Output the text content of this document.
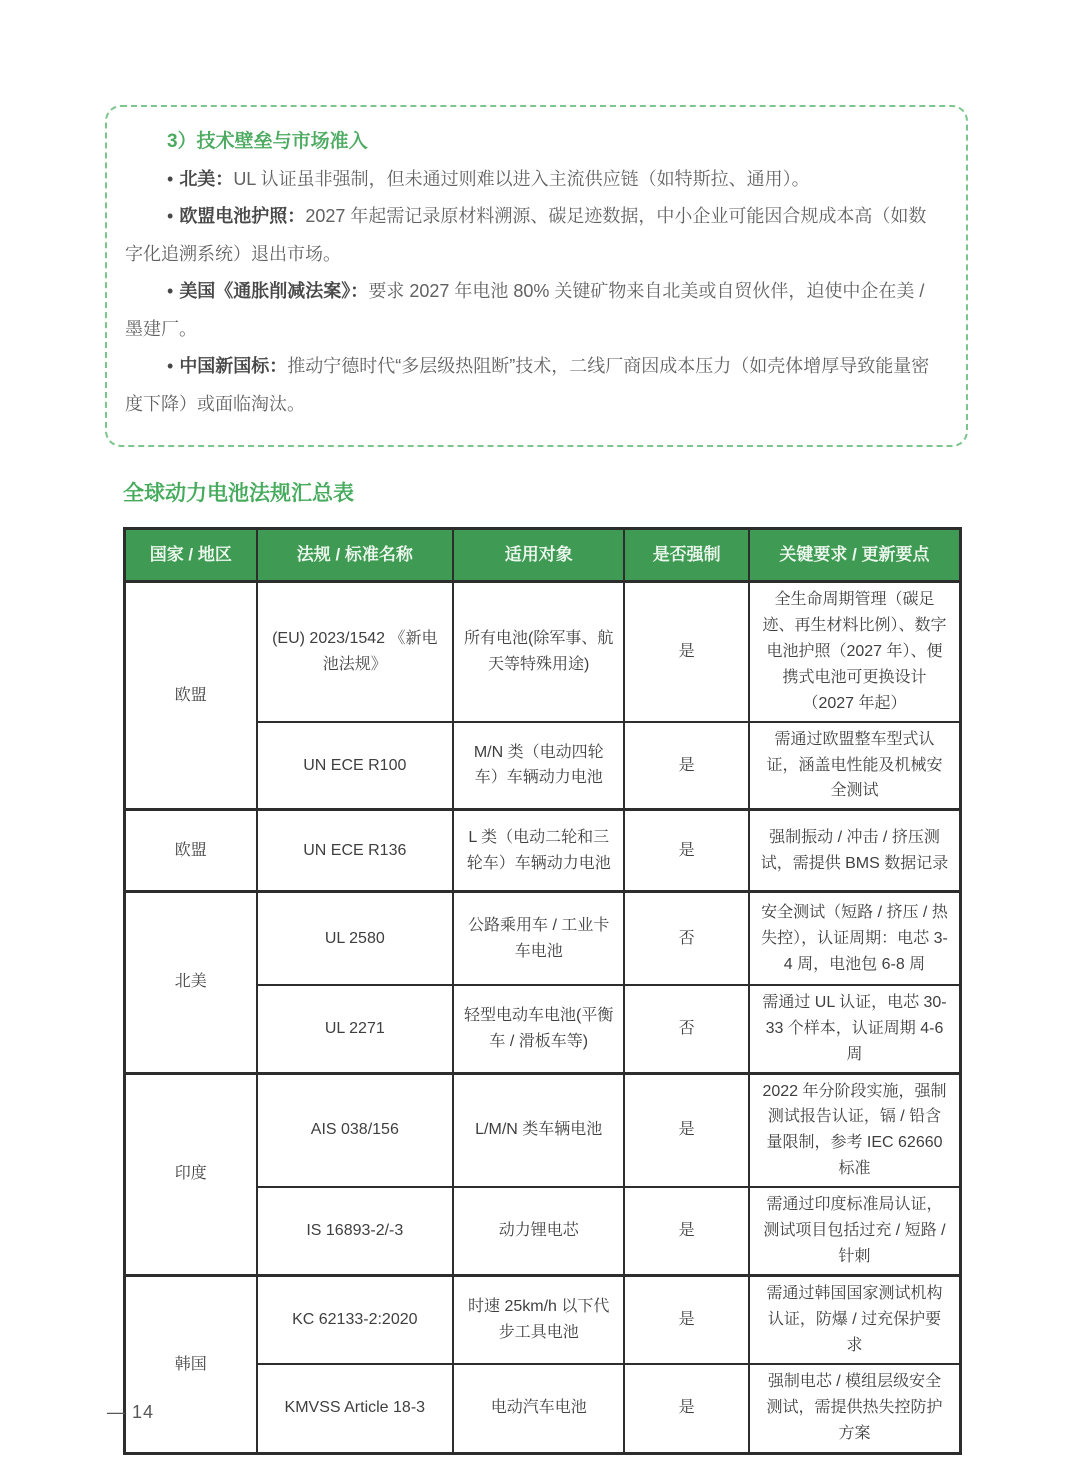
3）技术壁垒与市场准入

• 北美：UL 认证虽非强制，但未通过则难以进入主流供应链（如特斯拉、通用）。

• 欧盟电池护照：2027 年起需记录原材料溯源、碳足迹数据，中小企业可能因合规成本高（如数字化追溯系统）退出市场。

• 美国《通胀削减法案》：要求 2027 年电池 80% 关键矿物来自北美或自贸伙伴，迫使中企在美 / 墨建厂。

• 中国新国标：推动宁德时代“多层级热阻断”技术，二线厂商因成本压力（如壳体增厚导致能量密度下降）或面临淘汰。

全球动力电池法规汇总表
国家 / 地区	法规 / 标准名称	适用对象	是否强制	关键要求 / 更新要点
欧盟	(EU) 2023/1542 《新电池法规》	所有电池(除军事、航天等特殊用途)	是	全生命周期管理（碳足迹、再生材料比例）、数字电池护照（2027 年）、便携式电池可更换设计（2027 年起）
	UN ECE R100	M/N 类（电动四轮车）车辆动力电池	是	需通过欧盟整车型式认证，涵盖电性能及机械安全测试
欧盟	UN ECE R136	L 类（电动二轮和三轮车）车辆动力电池	是	强制振动 / 冲击 / 挤压测试，需提供 BMS 数据记录
北美	UL 2580	公路乘用车 / 工业卡车电池	否	安全测试（短路 / 挤压 / 热失控），认证周期：电芯 3-4 周，电池包 6-8 周
	UL 2271	轻型电动车电池(平衡车 / 滑板车等)	否	需通过 UL 认证，电芯 30-33 个样本，认证周期 4-6 周
印度	AIS 038/156	L/M/N 类车辆电池	是	2022 年分阶段实施，强制测试报告认证，镉 / 铅含量限制，参考 IEC 62660 标准
	IS 16893-2/-3	动力锂电芯	是	需通过印度标准局认证，测试项目包括过充 / 短路 / 针刺
韩国	KC 62133-2:2020	时速 25km/h 以下代步工具电池	是	需通过韩国国家测试机构认证，防爆 / 过充保护要求
	KMVSS Article 18-3	电动汽车电池	是	强制电芯 / 模组层级安全测试，需提供热失控防护方案
— 14
